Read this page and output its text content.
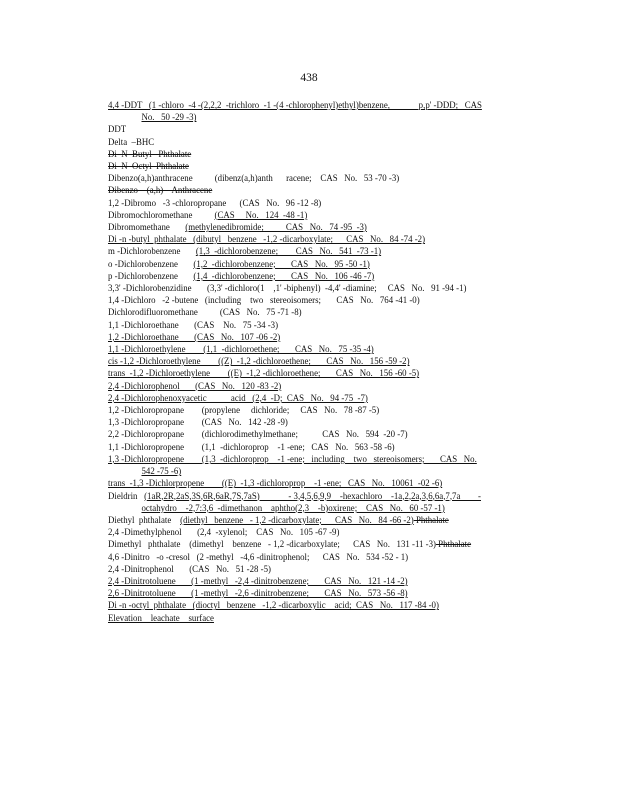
438
4,4 -DDT   (1 -chloro  -4 -(2,2,2  -trichloro  -1 -(4 -chlorophenyl)ethyl)benzene,             p,p' -DDD;   CAS
No.   50 -29 -3)
DDT
Delta  –BHC
Di  N  Butyl   Phthalate
Di  N  Octyl  Phthalate
Dibenzo(a,h)anthracene          (dibenz(a,h)anth      racene;    CAS   No.   53 -70 -3)
Dibenzo    (a,h)    Anthracene
1,2 -Dibromo   -3 -chloropropane      (CAS   No.   96 -12 -8)
Dibromochloromethane          (CAS     No.   124  -48 -1)
Dibromomethane       (methylenedibromide;          CAS   No.   74 -95  -3)
Di -n -butyl  phthalate   (dibutyl   benzene   -1,2 -dicarboxylate;      CAS   No.   84 -74 -2)
m -Dichlorobenzene       (1,3  -dichlorobenzene;        CAS   No.   541  -73 -1)
o -Dichlorobenzene       (1,2  -dichlorobenzene;       CAS   No.   95 -50 -1)
p -Dichlorobenzene       (1,4  -dichlorobenzene;       CAS   No.   106 -46 -7)
3,3' -Dichlorobenzidine       (3,3' -dichloro(1    ,1' -biphenyl)  -4,4' -diamine;     CAS   No.   91 -94 -1)
1,4 -Dichloro   -2 -butene   (including    two   stereoisomers;       CAS   No.   764 -41 -0)
Dichlorodifluoromethane          (CAS   No.   75 -71 -8)
1,1 -Dichloroethane       (CAS    No.   75 -34 -3)
1,2 -Dichloroethane       (CAS   No.   107 -06 -2)
1,1 -Dichloroethylene        (1,1  -dichloroethene;       CAS   No.   75 -35 -4)
cis -1,2 -Dichloroethylene        ((Z)  -1,2 -dichloroethene;       CAS   No.   156 -59 -2)
trans  -1,2 -Dichloroethylene        ((E)  -1,2 -dichloroethene;       CAS   No.   156 -60 -5)
2,4 -Dichlorophenol       (CAS   No.   120 -83 -2)
2,4 -Dichlorophenoxyacetic           acid   (2,4  -D;  CAS   No.   94 -75  -7)
1,2 -Dichloropropane        (propylene     dichloride;     CAS   No.   78 -87 -5)
1,3 -Dichloropropane        (CAS   No.   142 -28 -9)
2,2 -Dichloropropane        (dichlorodimethylmethane;           CAS   No.   594  -20 -7)
1,1 -Dichloropropene        (1,1  -dichloroprop    -1 -ene;   CAS   No.   563 -58 -6)
1,3 -Dichloropropene        (1,3  -dichloroprop    -1 -ene;   including    two   stereoisomers;       CAS   No.
542 -75 -6)
trans  -1,3 -Dichlorpropene        ((E)  -1,3 -dichloroprop    -1 -ene;   CAS   No.   10061  -02 -6)
Dieldrin   (1aR,2R,2aS,3S,6R,6aR,7S,7aS)             - 3,4,5,6,9,9    -hexachloro    -1a,2,2a,3,6,6a,7,7a        -
octahydro    -2,7:3,6  -dimethanon    aphtho(2,3    -b)oxirene;    CAS   No.   60 -57 -1)
Diethyl  phthalate    (diethyl   benzene   - 1,2 -dicarboxylate;      CAS   No.   84 -66 -2) Phthalate
2,4 -Dimethylphenol       (2,4  -xylenol;    CAS   No.   105 -67 -9)
Dimethyl   phthalate    (dimethyl    benzene   - 1,2 -dicarboxylate;      CAS   No.   131 -11 -3) Phthalate
4,6 -Dinitro   -o -cresol   (2 -methyl   -4,6 -dinitrophenol;      CAS   No.   534 -52 - 1)
2,4 -Dinitrophenol       (CAS   No.   51 -28 -5)
2,4 -Dinitrotoluene       (1 -methyl   -2,4 -dinitrobenzene;       CAS   No.   121 -14 -2)
2,6 -Dinitrotoluene       (1 -methyl   -2,6 -dinitrobenzene;       CAS   No.   573 -56 -8)
Di -n -octyl  phthalate   (dioctyl   benzene   -1,2 -dicarboxylic    acid;  CAS   No.   117 -84 -0)
Elevation    leachate    surface
